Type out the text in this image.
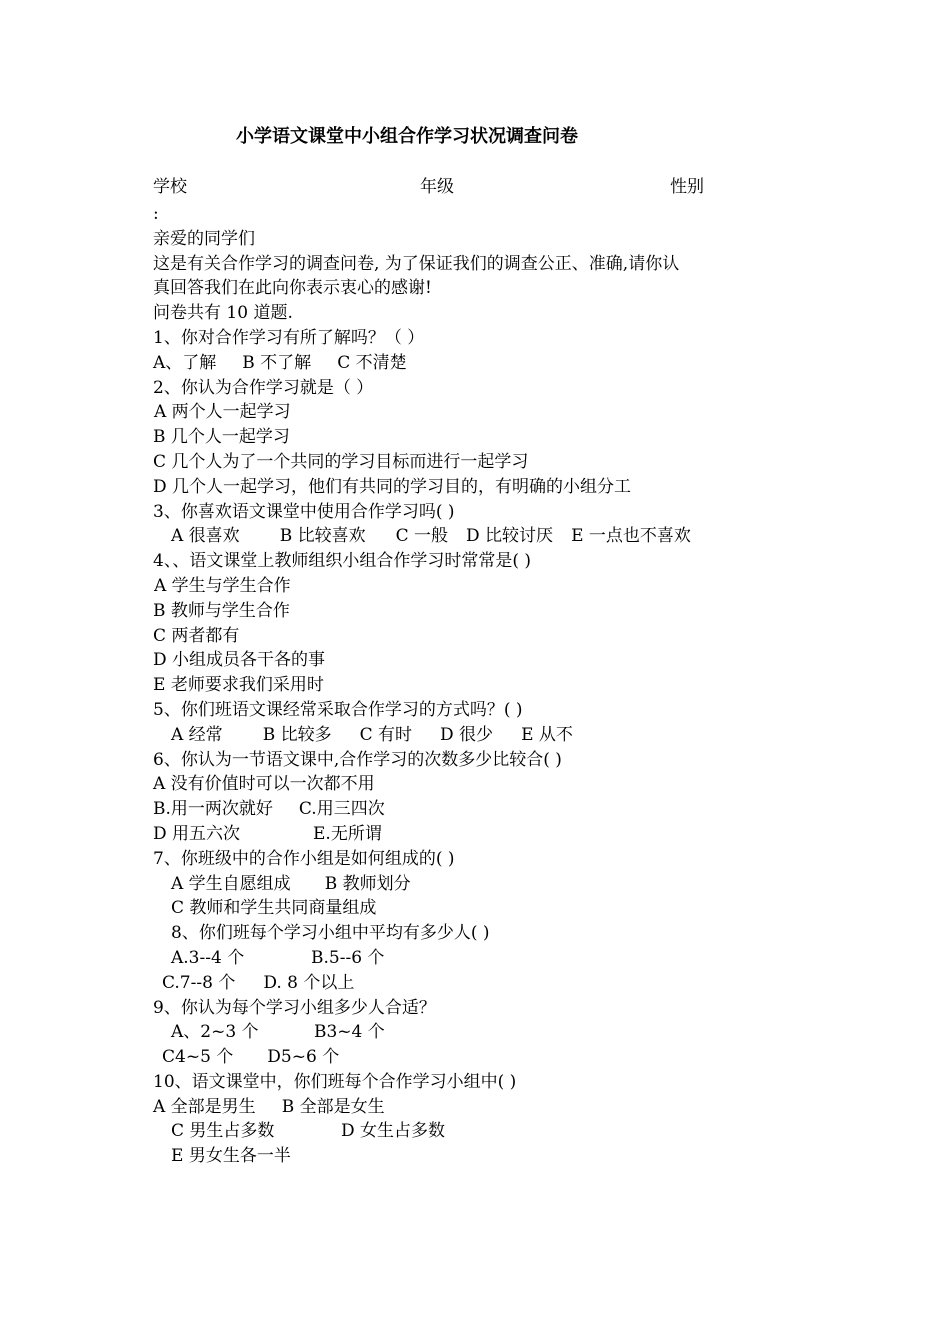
小学语文课堂中小组合作学习状况调查问卷
学校	年级	性别
:
亲爱的同学们
这是有关合作学习的调查问卷, 为了保证我们的调查公正、准确,请你认
真回答我们在此向你表示衷心的感谢!
问卷共有 10 道题.
1、你对合作学习有所了解吗？（ ）
A、了解 B 不了解 C 不清楚
2、你认为合作学习就是（ ）
A 两个人一起学习
B 几个人一起学习
C 几个人为了一个共同的学习目标而进行一起学习
D 几个人一起学习，他们有共同的学习目的，有明确的小组分工
3、你喜欢语文课堂中使用合作学习吗( )
A 很喜欢 B 比较喜欢 C 一般 D 比较讨厌 E 一点也不喜欢
4、、语文课堂上教师组织小组合作学习时常常是( )
A 学生与学生合作
B 教师与学生合作
C 两者都有
D 小组成员各干各的事
E 老师要求我们采用时
5、你们班语文课经常采取合作学习的方式吗？( )
A 经常 B 比较多 C 有时 D 很少 E 从不
6、你认为一节语文课中,合作学习的次数多少比较合( )
A 没有价值时可以一次都不用
B.用一两次就好 C.用三四次
D 用五六次	E.无所谓
7、你班级中的合作小组是如何组成的( )
A 学生自愿组成 B 教师划分
C 教师和学生共同商量组成
8、你们班每个学习小组中平均有多少人( )
A.3--4 个	B.5--6 个
C.7--8 个 D. 8 个以上
9、你认为每个学习小组多少人合适？
A、2~3 个	B3~4 个
C4~5 个 D5~6 个
10、语文课堂中，你们班每个合作学习小组中( )
A 全部是男生 B 全部是女生
C 男生占多数	D 女生占多数
E 男女生各一半
